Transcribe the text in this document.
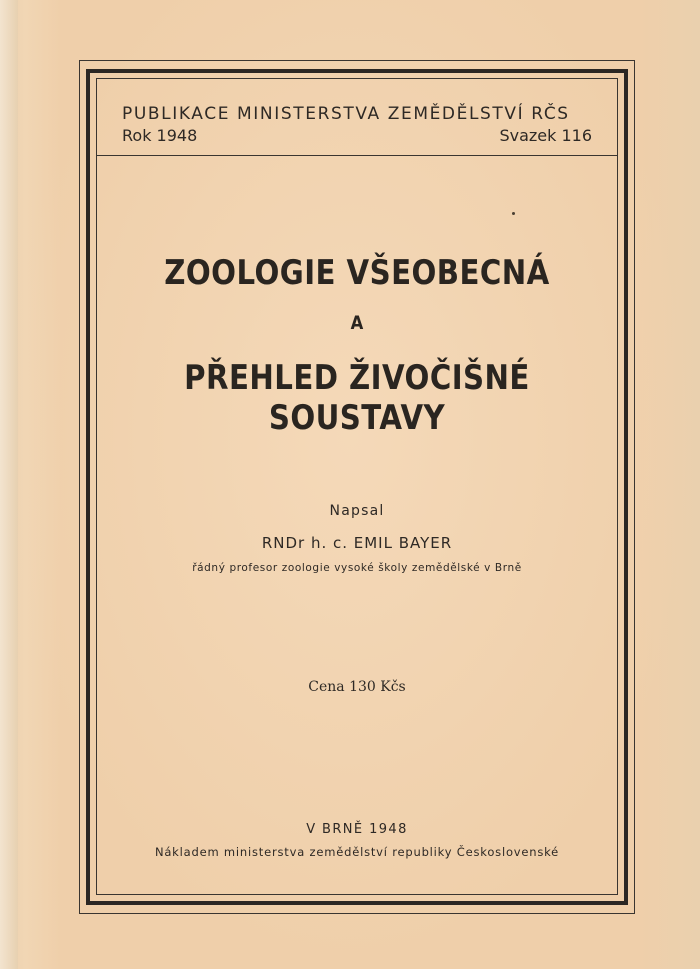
PUBLIKACE MINISTERSTVA ZEMĚDĚLSTVÍ RČS
Rok 1948	Svazek 116
ZOOLOGIE VŠEOBECNÁ
A
PŘEHLED ŽIVOČIŠNÉ SOUSTAVY
Napsal
RNDr h. c. EMIL BAYER
řádný profesor zoologie vysoké školy zemědělské v Brně
Cena 130 Kčs
V BRNĚ 1948
Nákladem ministerstva zemědělství republiky Československé
